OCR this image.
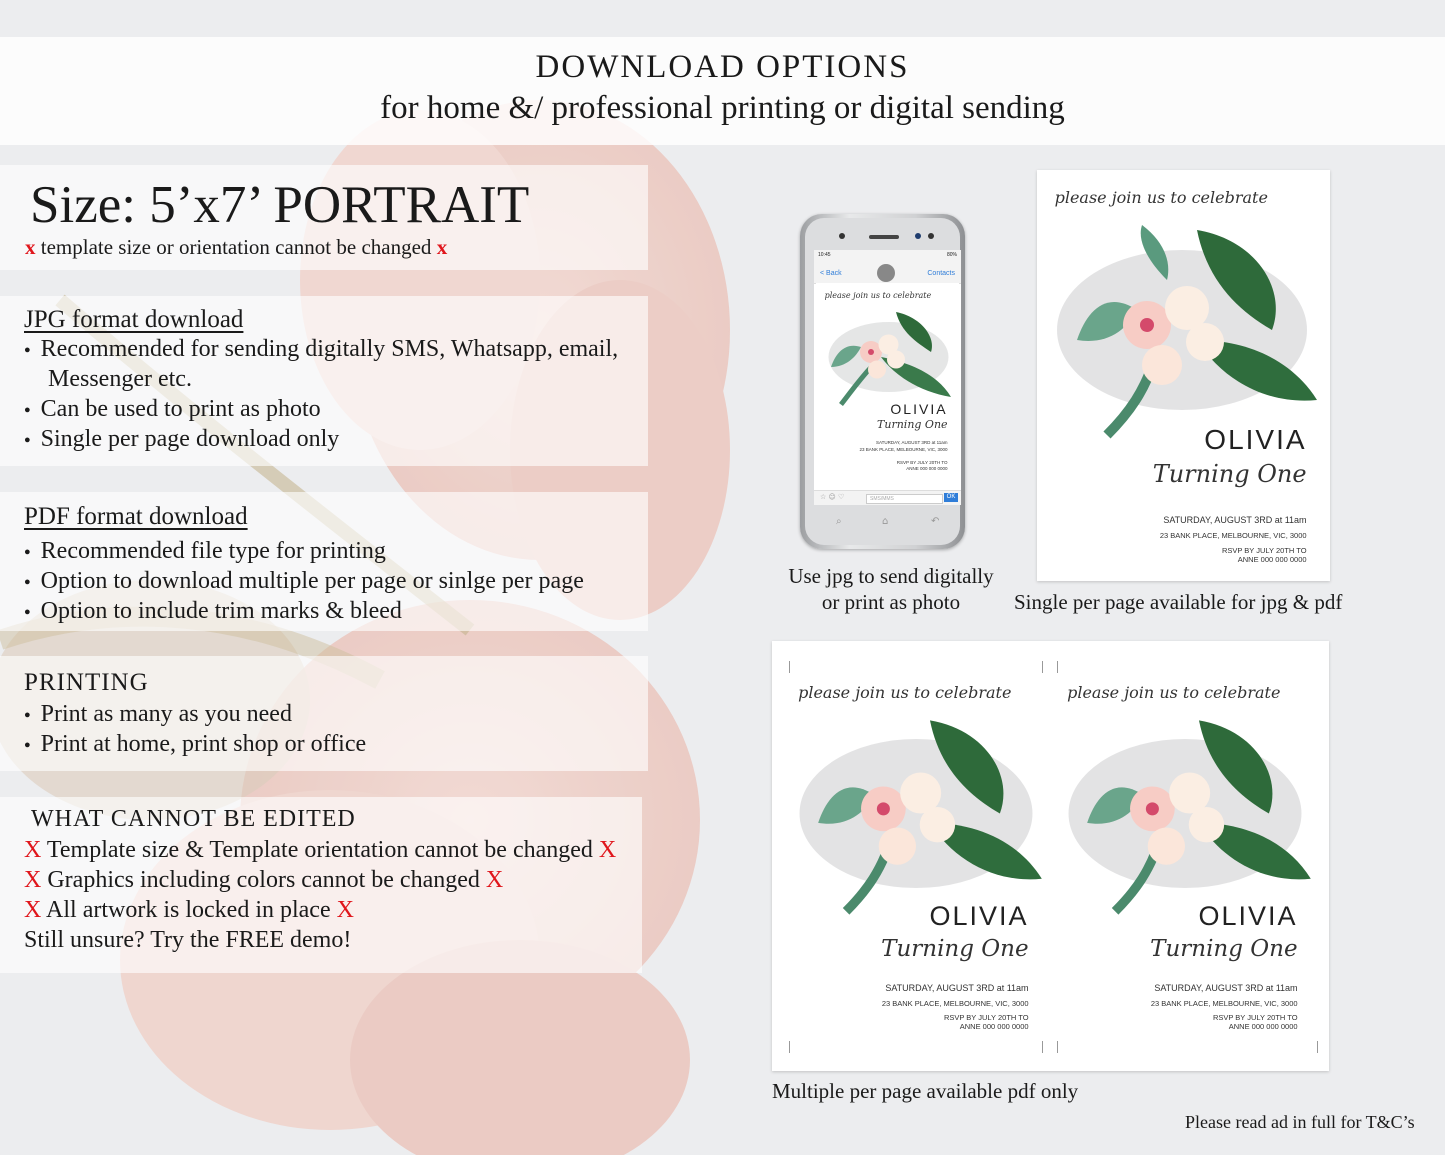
DOWNLOAD OPTIONS
for home &/ professional printing or digital sending
Size: 5’x7’ PORTRAIT
x template size or orientation cannot be changed x
JPG format download
● Recommended for sending digitally SMS, Whatsapp, email,
Messenger etc.
● Can be used to print as photo
● Single per page download only
PDF format download
● Recommended file type for printing
● Option to download multiple per page or sinlge per page
● Option to include trim marks & bleed
PRINTING
● Print as many as you need
● Print at home, print shop or office
WHAT CANNOT BE EDITED
X Template size & Template orientation cannot be changed X
X Graphics including colors cannot be changed X
X All artwork is locked in place X
Still unsure? Try the FREE demo!
10:45	80%
< Back	Contacts
please join us to celebrate
OLIVIA
Turning One
SATURDAY, AUGUST 3RD at 11am
23 BANK PLACE, MELBOURNE, VIC, 3000
RSVP BY JULY 20TH TO
ANNE 000 000 0000
☆ ☺ ♡	SMS/MMS	OK
⌕	⌂	↶
Use jpg to send digitally
or print as photo
please join us to celebrate
OLIVIA
Turning One
SATURDAY, AUGUST 3RD at 11am
23 BANK PLACE, MELBOURNE, VIC, 3000
RSVP BY JULY 20TH TO
ANNE 000 000 0000
Single per page available for jpg & pdf
please join us to celebrate
OLIVIA
Turning One
SATURDAY, AUGUST 3RD at 11am
23 BANK PLACE, MELBOURNE, VIC, 3000
RSVP BY JULY 20TH TO
ANNE 000 000 0000
please join us to celebrate
OLIVIA
Turning One
SATURDAY, AUGUST 3RD at 11am
23 BANK PLACE, MELBOURNE, VIC, 3000
RSVP BY JULY 20TH TO
ANNE 000 000 0000
Multiple per page available pdf only
Please read ad in full for T&C’s
